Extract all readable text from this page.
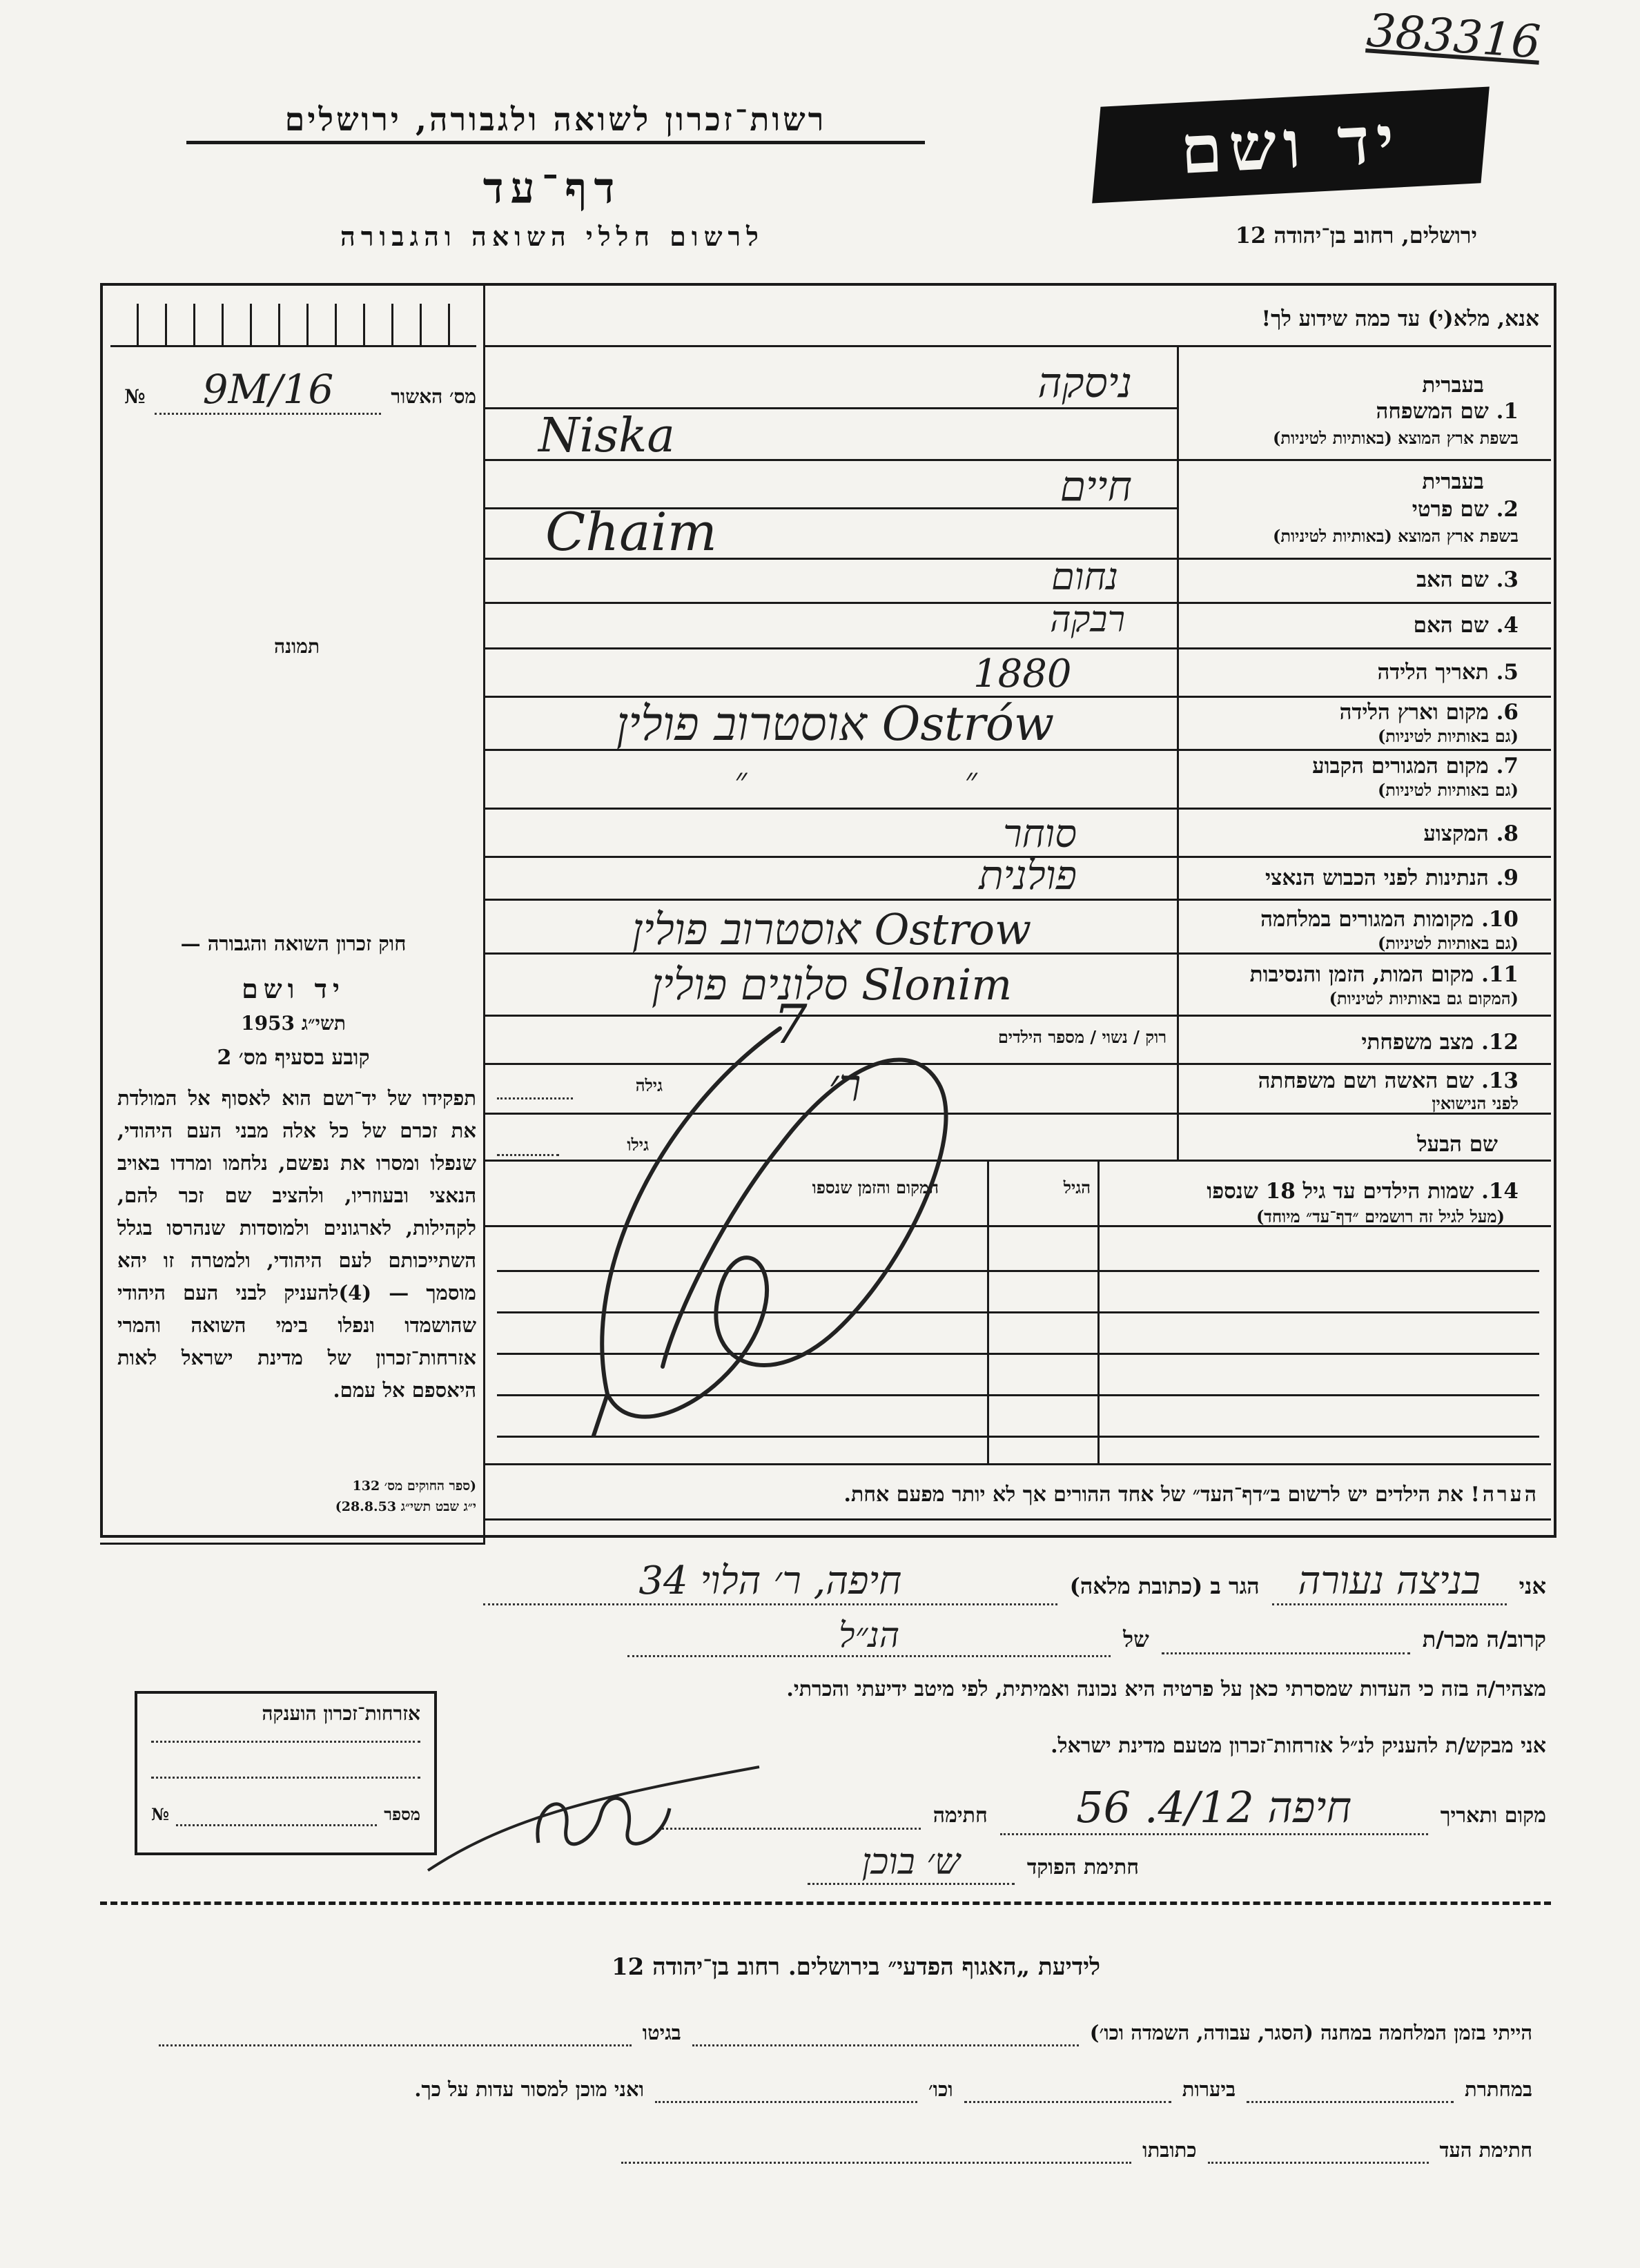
383316
רשות־זכרון לשואה ולגבורה, ירושלים
דף־עד
לרשום חללי השואה והגבורה
יד ושם
ירושלים, רחוב בן־יהודה 12
מס׳ האשור
9M/16
№
תמונה
חוק זכרון השואה והגבורה —
יד ושם
תשי״ג 1953
קובע בסעיף מס׳ 2
תפקידו של יד־ושם הוא לאסוף אל המולדת את זכרם של כל אלה מבני העם היהודי, שנפלו ומסרו את נפשם, נלחמו ומרדו באויב הנאצי ובעוזריו, ולהציב שם זכר להם, לקהילות, לארגונים ולמוסדות שנהרסו בגלל השתייכותם לעם היהודי, ולמטרה זו יהא מוסמך — (4)להעניק לבני העם היהודי שהושמדו ונפלו בימי השואה והמרי אזרחות־זכרון של מדינת ישראל לאות היאספם אל עמם.
(ספר החוקים מס׳ 132
י״ג שבט תשי״ג 28.8.53)
אנא, מלא(י) עד כמה שידוע לך!
בעברית
1. שם המשפחה
בשפת ארץ המוצא (באותיות לטיניות)
ניסקה
Niska
בעברית
2. שם פרטי
בשפת ארץ המוצא (באותיות לטיניות)
חיים
Chaim
3. שם האב
נחום
4. שם האם
רבקה
5. תאריך הלידה
1880
6. מקום וארץ הלידה
(גם באותיות לטיניות)
אוסטרוב פולין Ostrów
7. מקום המגורים הקבוע
(גם באותיות לטיניות)
״ ״
8. המקצוע
סוחר
9. הנתינות לפני הכבוש הנאצי
פולנית
10. מקומות המגורים במלחמה
(גם באותיות לטיניות)
אוסטרוב פולין Ostrow
11. מקום המות, הזמן והנסיבות
(המקום גם באותיות לטיניות)
סלונים פולין Slonim
12. מצב משפחתי
רוק / נשוי / מספר הילדים
7
13. שם האשה ושם משפחתה
לפני הנישואין
גילה	ר׳
שם הבעל
גילו
14. שמות הילדים עד גיל 18 שנספו
(מעל לגיל זה רושמים ״דף־עד״ מיוחד)
הגיל
המקום והזמן שנספו
הערה! את הילדים יש לרשום ב״דף־העד״ של אחד ההורים אך לא יותר מפעם אחת.
אני
בניצה נעורה
הגר ב (כתובת מלאה)
חיפה, ר׳ הלוי 34
קרוב/ה מכר/ת

של
הנ״ל
מצהיר/ה בזה כי העדות שמסרתי כאן על פרטיה היא נכונה ואמיתית, לפי מיטב ידיעתי והכרתי.
אני מבקש/ת להעניק לנ״ל אזרחות־זכרון מטעם מדינת ישראל.
מקום ותאריך
חיפה 4/12. 56
חתימה

חתימת הפוקד
ש׳ בוכן
אזרחות־זכרון הוענקה
מספר

№
לידיעת „האגוף הפדעי״ בירושלים. רחוב בן־יהודה 12
הייתי בזמן המלחמה במחנה (הסגר, עבודה, השמדה וכו׳)

בגיטו

במחתרת

ביערות

וכו׳

ואני מוכן למסור עדות על כך.
חתימת העד

כתובתו
